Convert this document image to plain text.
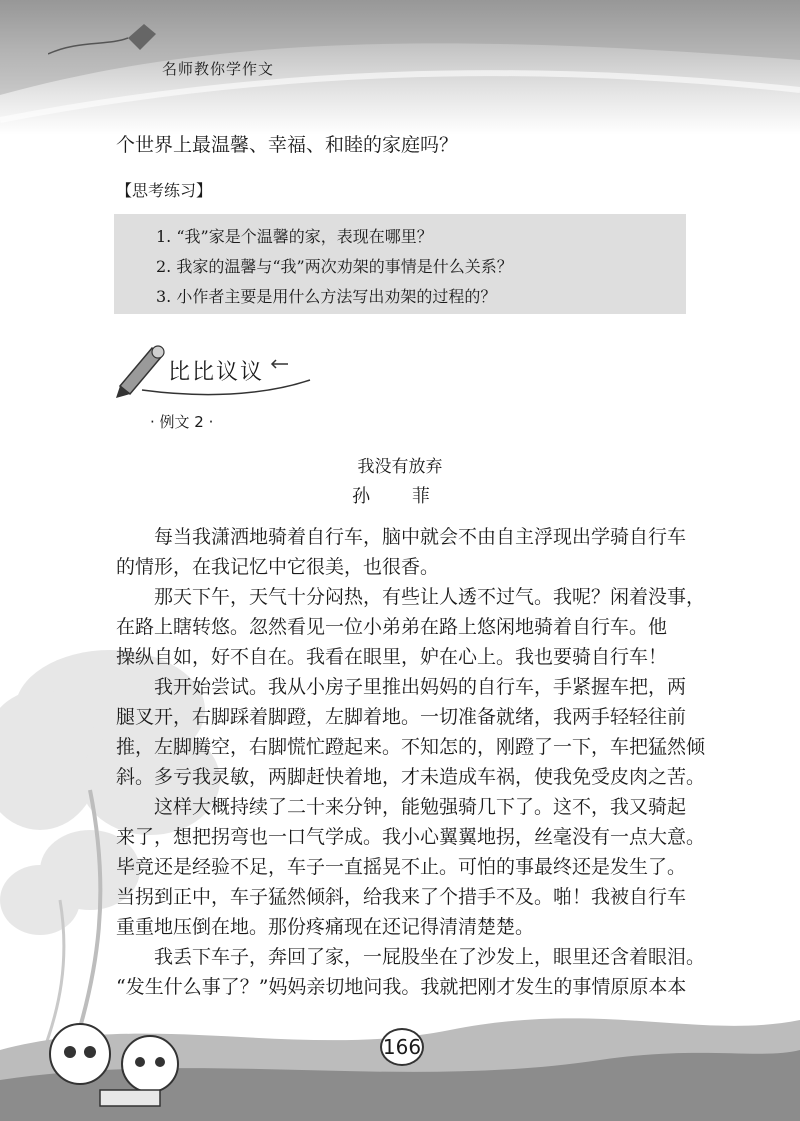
名师教你学作文
个世界上最温馨、幸福、和睦的家庭吗？
【思考练习】
1. “我”家是个温馨的家，表现在哪里？
2. 我家的温馨与“我”两次劝架的事情是什么关系？
3. 小作者主要是用什么方法写出劝架的过程的？
比比议议
· 例文 2 ·
我没有放弃
孙 菲
每当我潇洒地骑着自行车，脑中就会不由自主浮现出学骑自行车
的情形，在我记忆中它很美，也很香。
那天下午，天气十分闷热，有些让人透不过气。我呢？闲着没事，
在路上瞎转悠。忽然看见一位小弟弟在路上悠闲地骑着自行车。他
操纵自如，好不自在。我看在眼里，妒在心上。我也要骑自行车！
我开始尝试。我从小房子里推出妈妈的自行车，手紧握车把，两
腿叉开，右脚踩着脚蹬，左脚着地。一切准备就绪，我两手轻轻往前
推，左脚腾空，右脚慌忙蹬起来。不知怎的，刚蹬了一下，车把猛然倾
斜。多亏我灵敏，两脚赶快着地，才未造成车祸，使我免受皮肉之苦。
这样大概持续了二十来分钟，能勉强骑几下了。这不，我又骑起
来了，想把拐弯也一口气学成。我小心翼翼地拐，丝毫没有一点大意。
毕竟还是经验不足，车子一直摇晃不止。可怕的事最终还是发生了。
当拐到正中，车子猛然倾斜，给我来了个措手不及。啪！我被自行车
重重地压倒在地。那份疼痛现在还记得清清楚楚。
我丢下车子，奔回了家，一屁股坐在了沙发上，眼里还含着眼泪。
“发生什么事了？”妈妈亲切地问我。我就把刚才发生的事情原原本本
166
